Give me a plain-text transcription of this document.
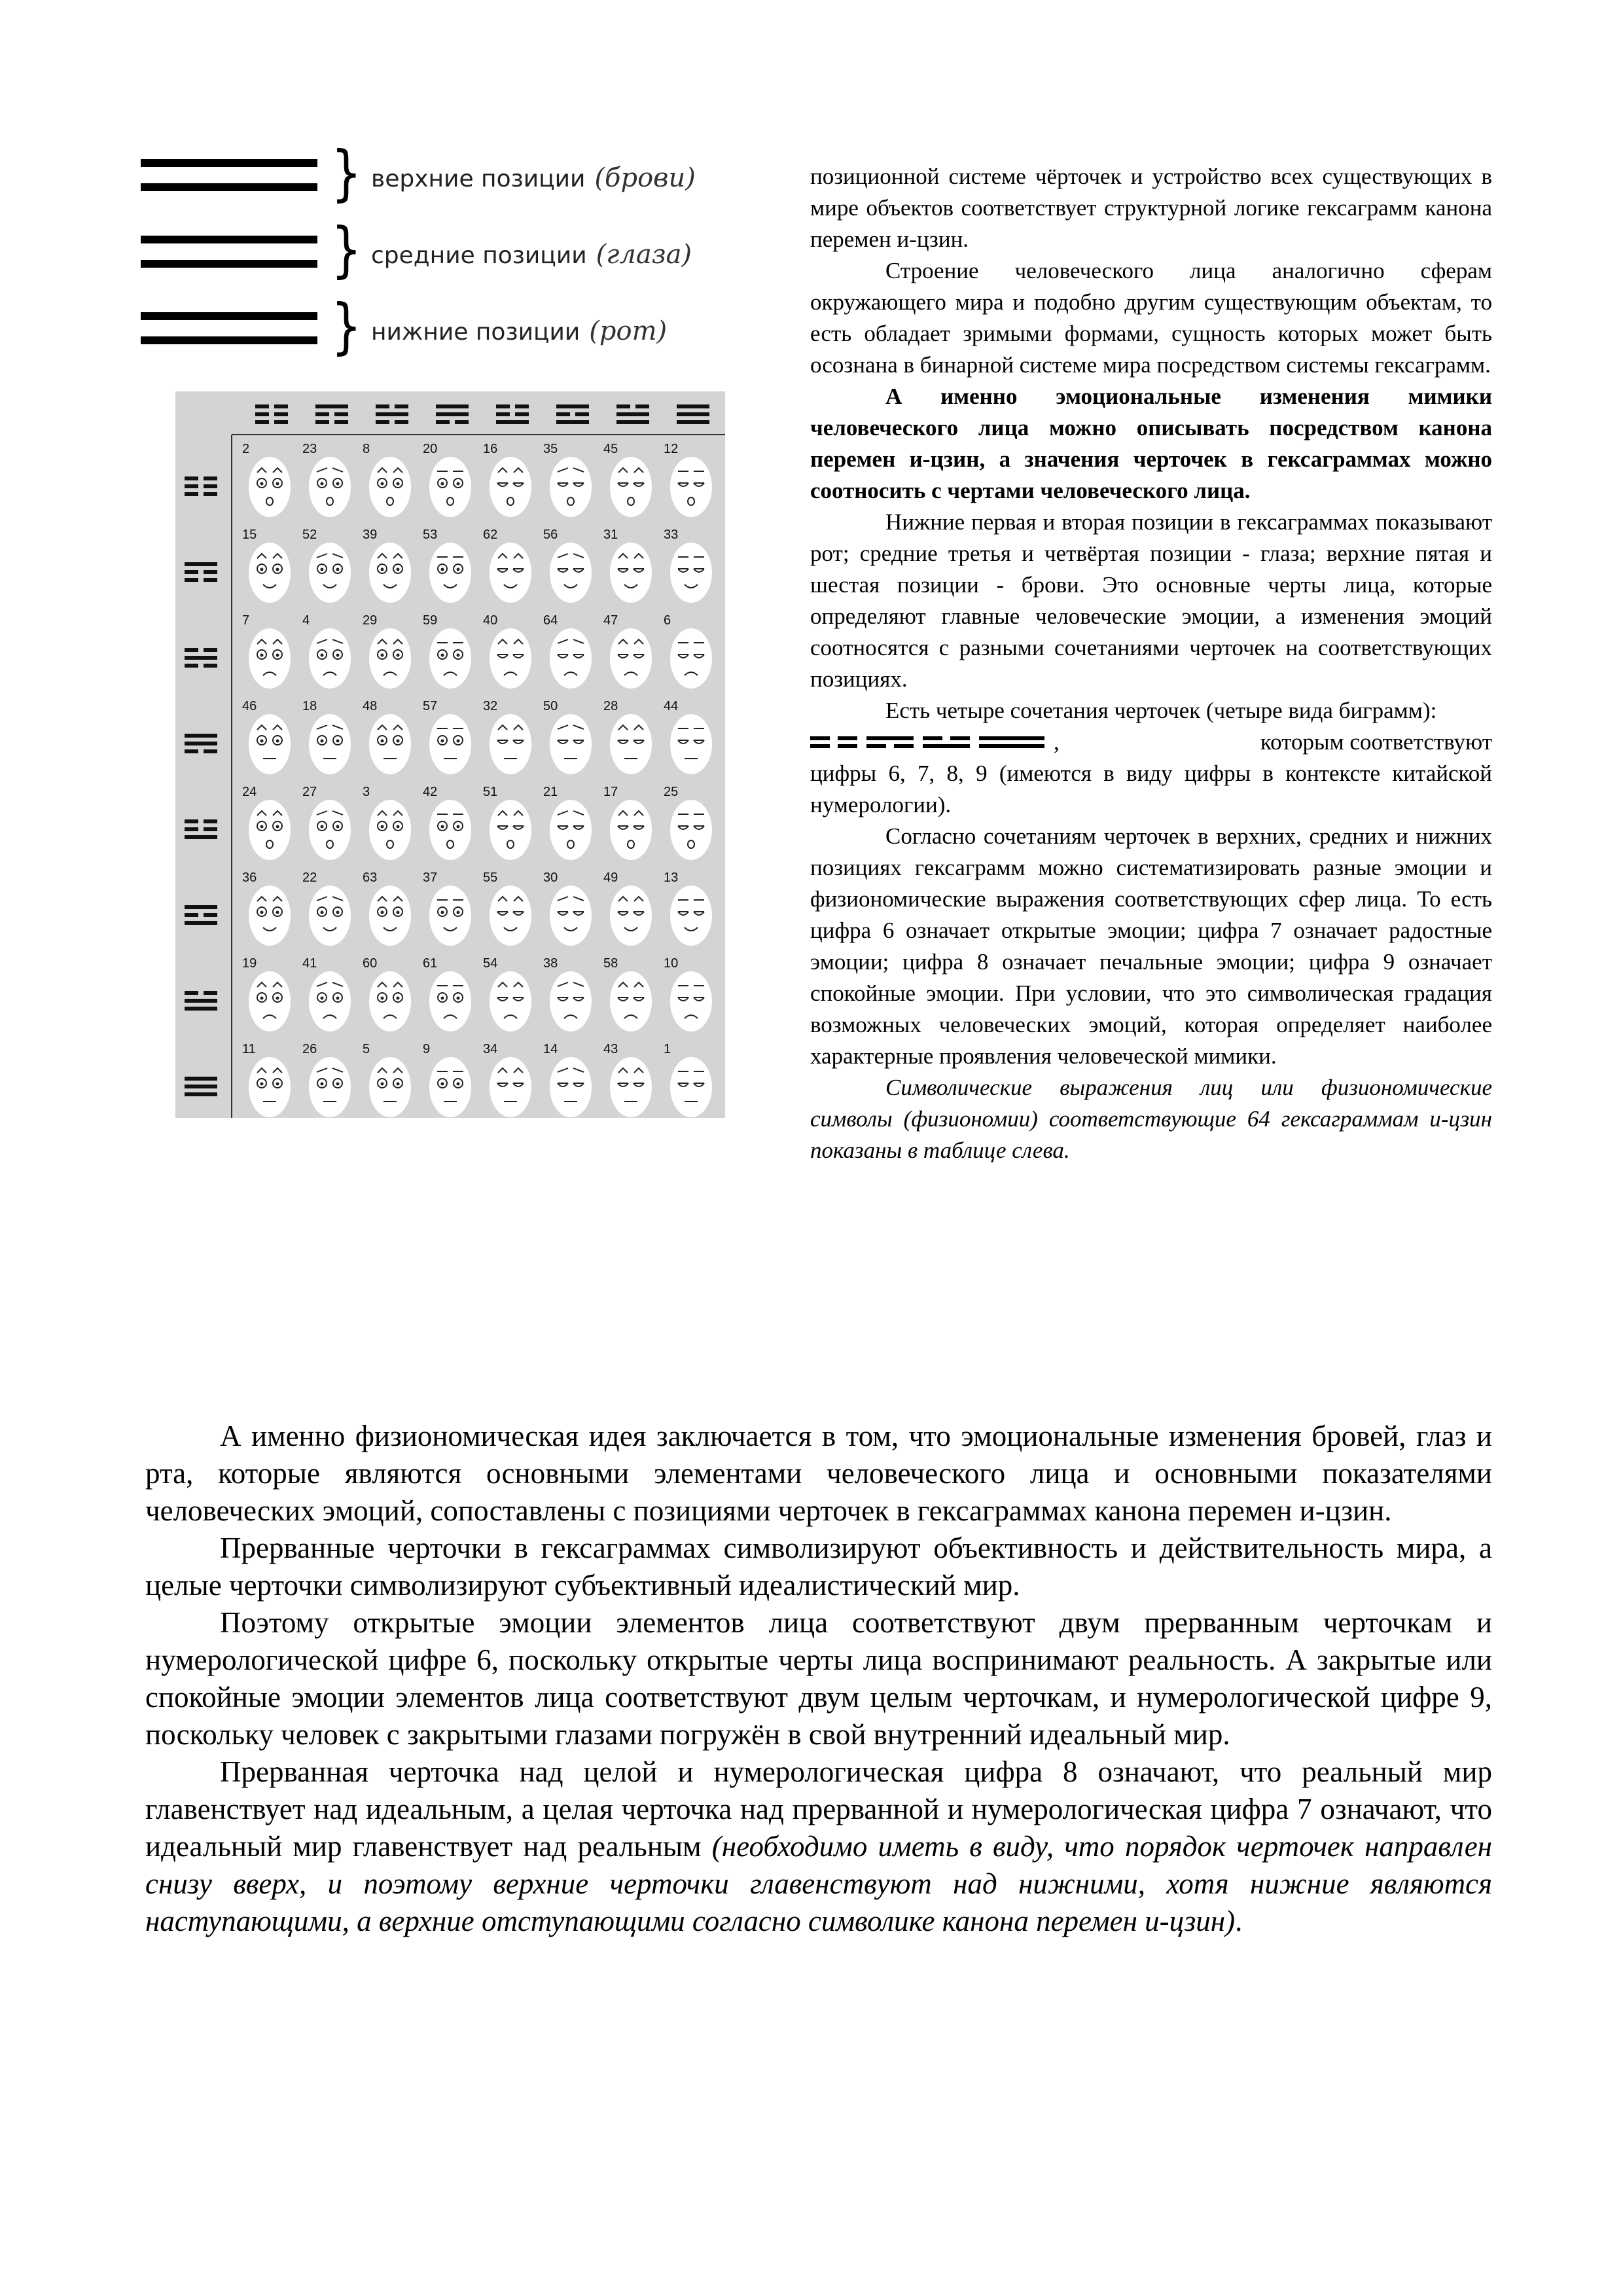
} верхние позиции (брови)
} средние позиции (глаза)
} нижние позиции (рот)
2	23	8	20	16	35	45	12
15	52	39	53	62	56	31	33
7	4	29	59	40	64	47	6
46	18	48	57	32	50	28	44
24	27	3	42	51	21	17	25
36	22	63	37	55	30	49	13
19	41	60	61	54	38	58	10
11	26	5	9	34	14	43	1

позиционной системе чёрточек и устройство всех существующих в мире объектов соответствует структурной логике гексаграмм канона перемен и-цзин.

Строение человеческого лица аналогично сферам окружающего мира и подобно другим существующим объектам, то есть обладает зримыми формами, сущность которых может быть осознана в бинарной системе мира посредством системы гексаграмм.

А именно эмоциональные изменения мимики человеческого лица можно описывать посредством канона перемен и-цзин, а значения черточек в гексаграммах можно соотносить с чертами человеческого лица.

Нижние первая и вторая позиции в гексаграммах показывают рот; средние третья и четвёртая позиции - глаза; верхние пятая и шестая позиции - брови. Это основные черты лица, которые определяют главные человеческие эмоции, а изменения эмоций соотносятся с разными сочетаниями черточек на соответствующих позициях.

Есть четыре сочетания черточек (четыре вида биграмм):

,	которым соответствуют

цифры 6, 7, 8, 9 (имеются в виду цифры в контексте китайской нумерологии).

Согласно сочетаниям черточек в верхних, средних и нижних позициях гексаграмм можно систематизировать разные эмоции и физиономические выражения соответствующих сфер лица. То есть цифра 6 означает открытые эмоции; цифра 7 означает радостные эмоции; цифра 8 означает печальные эмоции; цифра 9 означает спокойные эмоции. При условии, что это символическая градация возможных человеческих эмоций, которая определяет наиболее характерные проявления человеческой мимики.

Символические выражения лиц или физиономические символы (физиономии) соответствующие 64 гексаграммам и-цзин показаны в таблице слева.

А именно физиономическая идея заключается в том, что эмоциональные изменения бровей, глаз и рта, которые являются основными элементами человеческого лица и основными показателями человеческих эмоций, сопоставлены с позициями черточек в гексаграммах канона перемен и-цзин.

Прерванные черточки в гексаграммах символизируют объективность и действительность мира, а целые черточки символизируют субъективный идеалистический мир.

Поэтому открытые эмоции элементов лица соответствуют двум прерванным черточкам и нумерологической цифре 6, поскольку открытые черты лица воспринимают реальность. А закрытые или спокойные эмоции элементов лица соответствуют двум целым черточкам, и нумерологической цифре 9, поскольку человек с закрытыми глазами погружён в свой внутренний идеальный мир.

Прерванная черточка над целой и нумерологическая цифра 8 означают, что реальный мир главенствует над идеальным, а целая черточка над прерванной и нумерологическая цифра 7 означают, что идеальный мир главенствует над реальным (необходимо иметь в виду, что порядок черточек направлен снизу вверх, и поэтому верхние черточки главенствуют над нижними, хотя нижние являются наступающими, а верхние отступающими согласно символике канона перемен и-цзин).
